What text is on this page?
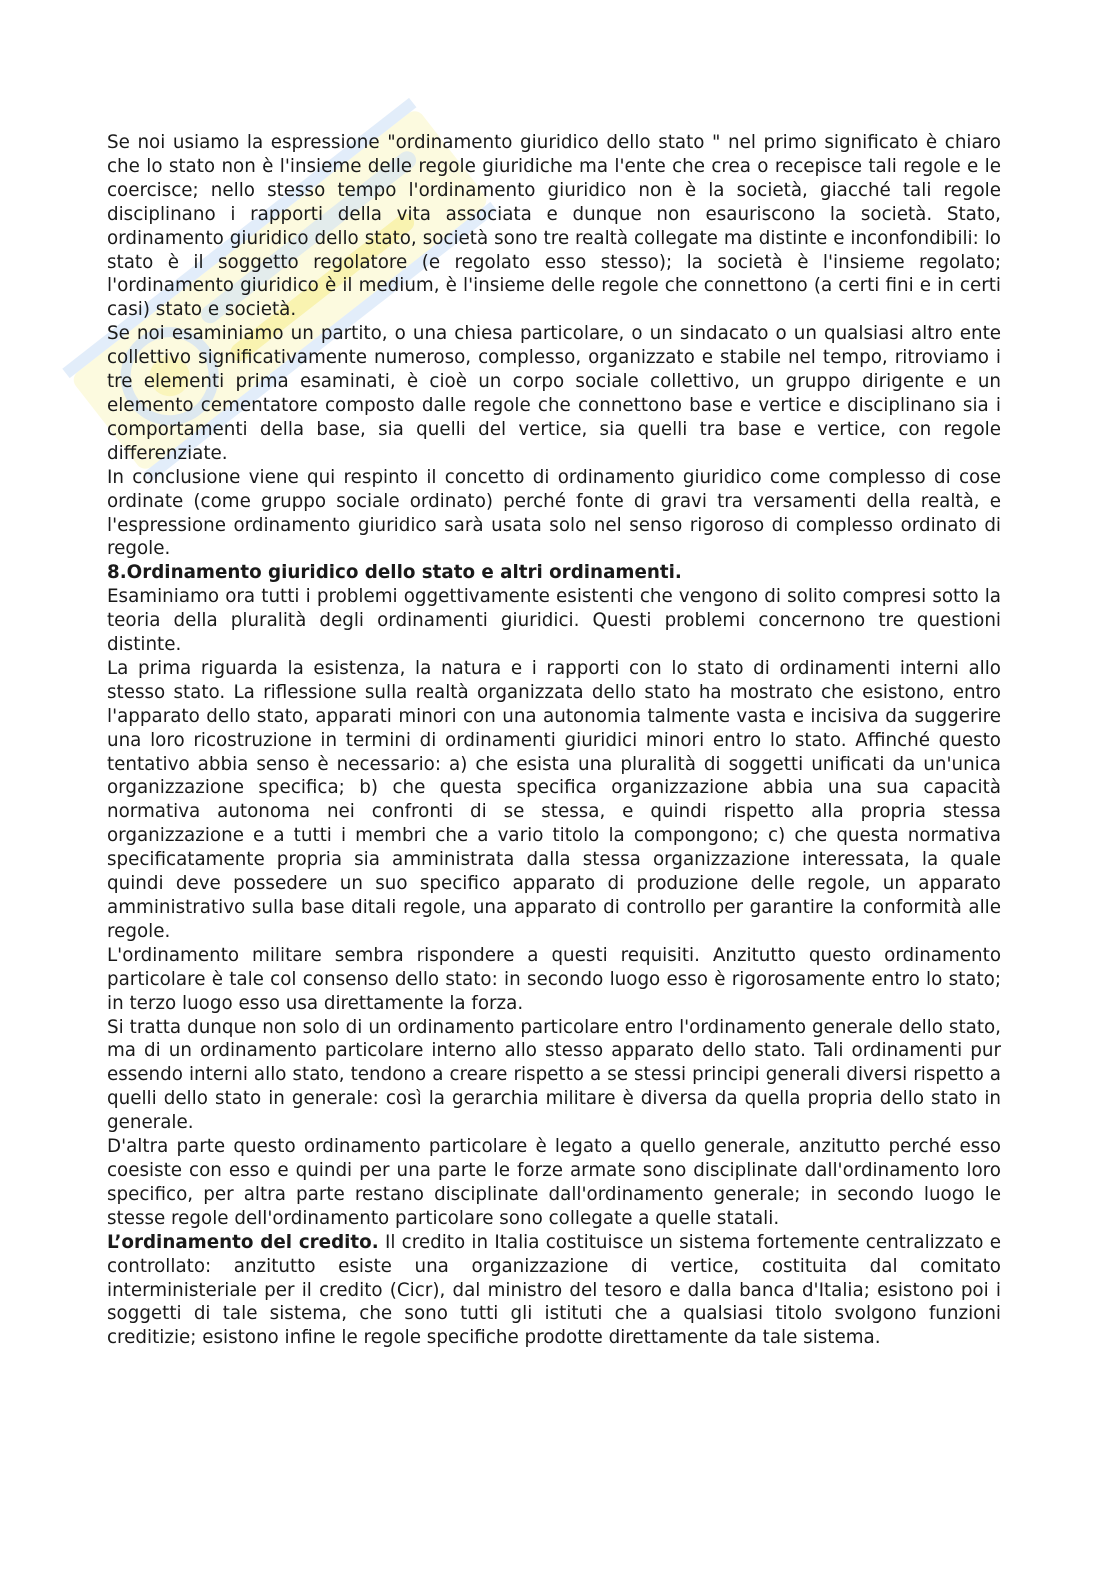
Se noi usiamo la espressione "ordinamento giuridico dello stato " nel primo significato è chiaro che lo stato non è l'insieme delle regole giuridiche ma l'ente che crea o recepisce tali regole e le coercisce; nello stesso tempo l'ordinamento giuridico non è la società, giacché tali regole disciplinano i rapporti della vita associata e dunque non esauriscono la società. Stato, ordinamento giuridico dello stato, società sono tre realtà collegate ma distinte e inconfondibili: lo stato è il soggetto regolatore (e regolato esso stesso); la società è l'insieme regolato; l'ordinamento giuridico è il medium, è l'insieme delle regole che connettono (a certi fini e in certi casi) stato e società.

Se noi esaminiamo un partito, o una chiesa particolare, o un sindacato o un qualsiasi altro ente collettivo significativamente numeroso, complesso, organizzato e stabile nel tempo, ritroviamo i tre elementi prima esaminati, è cioè un corpo sociale collettivo, un gruppo dirigente e un elemento cementatore composto dalle regole che connettono base e vertice e disciplinano sia i comportamenti della base, sia quelli del vertice, sia quelli tra base e vertice, con regole differenziate.

In conclusione viene qui respinto il concetto di ordinamento giuridico come complesso di cose ordinate (come gruppo sociale ordinato) perché fonte di gravi tra versamenti della realtà, e l'espressione ordinamento giuridico sarà usata solo nel senso rigoroso di complesso ordinato di regole.

8.Ordinamento giuridico dello stato e altri ordinamenti.

Esaminiamo ora tutti i problemi oggettivamente esistenti che vengono di solito compresi sotto la teoria della pluralità degli ordinamenti giuridici. Questi problemi concernono tre questioni distinte.

La prima riguarda la esistenza, la natura e i rapporti con lo stato di ordinamenti interni allo stesso stato. La riflessione sulla realtà organizzata dello stato ha mostrato che esistono, entro l'apparato dello stato, apparati minori con una autonomia talmente vasta e incisiva da suggerire una loro ricostruzione in termini di ordinamenti giuridici minori entro lo stato. Affinché questo tentativo abbia senso è necessario: a) che esista una pluralità di soggetti unificati da un'unica organizzazione specifica; b) che questa specifica organizzazione abbia una sua capacità normativa autonoma nei confronti di se stessa, e quindi rispetto alla propria stessa organizzazione e a tutti i membri che a vario titolo la compongono; c) che questa normativa specificatamente propria sia amministrata dalla stessa organizzazione interessata, la quale quindi deve possedere un suo specifico apparato di produzione delle regole, un apparato amministrativo sulla base ditali regole, una apparato di controllo per garantire la conformità alle regole.

L'ordinamento militare sembra rispondere a questi requisiti. Anzitutto questo ordinamento particolare è tale col consenso dello stato: in secondo luogo esso è rigorosamente entro lo stato; in terzo luogo esso usa direttamente la forza.

Si tratta dunque non solo di un ordinamento particolare entro l'ordinamento generale dello stato, ma di un ordinamento particolare interno allo stesso apparato dello stato. Tali ordinamenti pur essendo interni allo stato, tendono a creare rispetto a se stessi principi generali diversi rispetto a quelli dello stato in generale: così la gerarchia militare è diversa da quella propria dello stato in generale.

D'altra parte questo ordinamento particolare è legato a quello generale, anzitutto perché esso coesiste con esso e quindi per una parte le forze armate sono disciplinate dall'ordinamento loro specifico, per altra parte restano disciplinate dall'ordinamento generale; in secondo luogo le stesse regole dell'ordinamento particolare sono collegate a quelle statali.

L’ordinamento del credito. Il credito in Italia costituisce un sistema fortemente centralizzato e controllato: anzitutto esiste una organizzazione di vertice, costituita dal comitato interministeriale per il credito (Cicr), dal ministro del tesoro e dalla banca d'Italia; esistono poi i soggetti di tale sistema, che sono tutti gli istituti che a qualsiasi titolo svolgono funzioni creditizie; esistono infine le regole specifiche prodotte direttamente da tale sistema.
